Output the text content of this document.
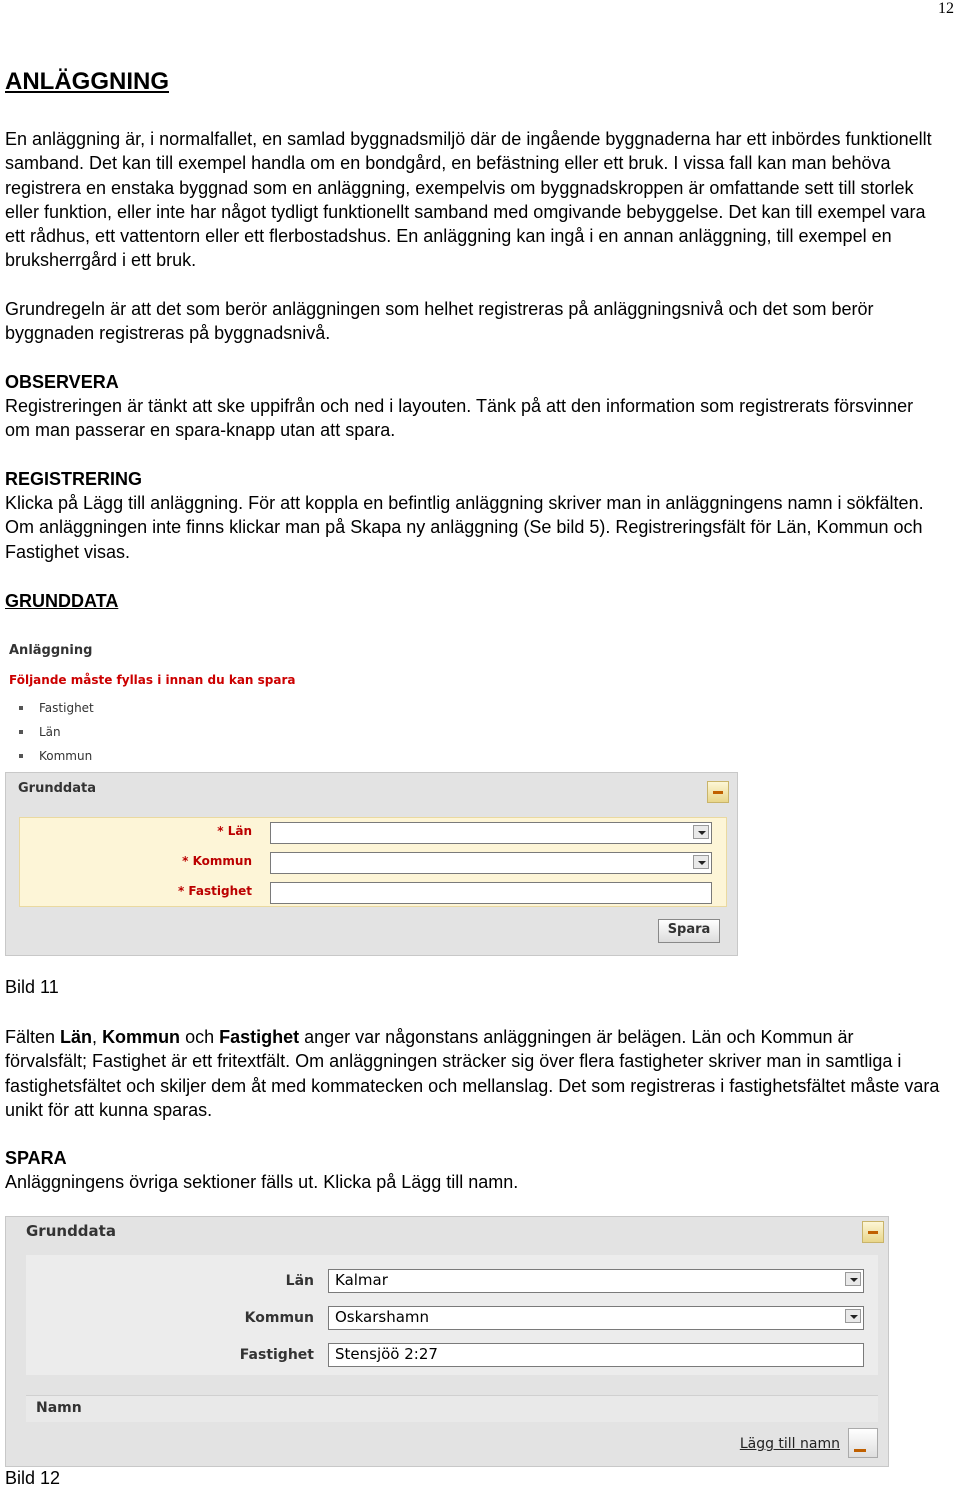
12
ANLÄGGNING

En anläggning är, i normalfallet, en samlad byggnadsmiljö där de ingående byggnaderna har ett inbördes funktionellt samband. Det kan till exempel handla om en bondgård, en befästning eller ett bruk. I vissa fall kan man behöva registrera en enstaka byggnad som en anläggning, exempelvis om byggnadskroppen är omfattande sett till storlek eller funktion, eller inte har något tydligt funktionellt samband med omgivande bebyggelse. Det kan till exempel vara ett rådhus, ett vattentorn eller ett flerbostadshus. En anläggning kan ingå i en annan anläggning, till exempel en bruksherrgård i ett bruk.

Grundregeln är att det som berör anläggningen som helhet registreras på anläggningsnivå och det som berör byggnaden registreras på byggnadsnivå.

OBSERVERA

Registreringen är tänkt att ske uppifrån och ned i layouten. Tänk på att den information som registrerats försvinner om man passerar en spara-knapp utan att spara.

REGISTRERING

Klicka på Lägg till anläggning. För att koppla en befintlig anläggning skriver man in anläggningens namn i sökfälten. Om anläggningen inte finns klickar man på Skapa ny anläggning (Se bild 5). Registreringsfält för Län, Kommun och Fastighet visas.

GRUNDDATA
Anläggning
Följande måste fyllas i innan du kan spara
Fastighet
Län
Kommun
Grunddata
* Län
* Kommun
* Fastighet
Spara
Bild 11

Fälten Län, Kommun och Fastighet anger var någonstans anläggningen är belägen. Län och Kommun är förvalsfält; Fastighet är ett fritextfält. Om anläggningen sträcker sig över flera fastigheter skriver man in samtliga i fastighetsfältet och skiljer dem åt med kommatecken och mellanslag. Det som registreras i fastighetsfältet måste vara unikt för att kunna sparas.

SPARA

Anläggningens övriga sektioner fälls ut. Klicka på Lägg till namn.

Grunddata
Län	Kalmar
Kommun	Oskarshamn
Fastighet	Stensjöö 2:27
Namn
Lägg till namn
Bild 12
